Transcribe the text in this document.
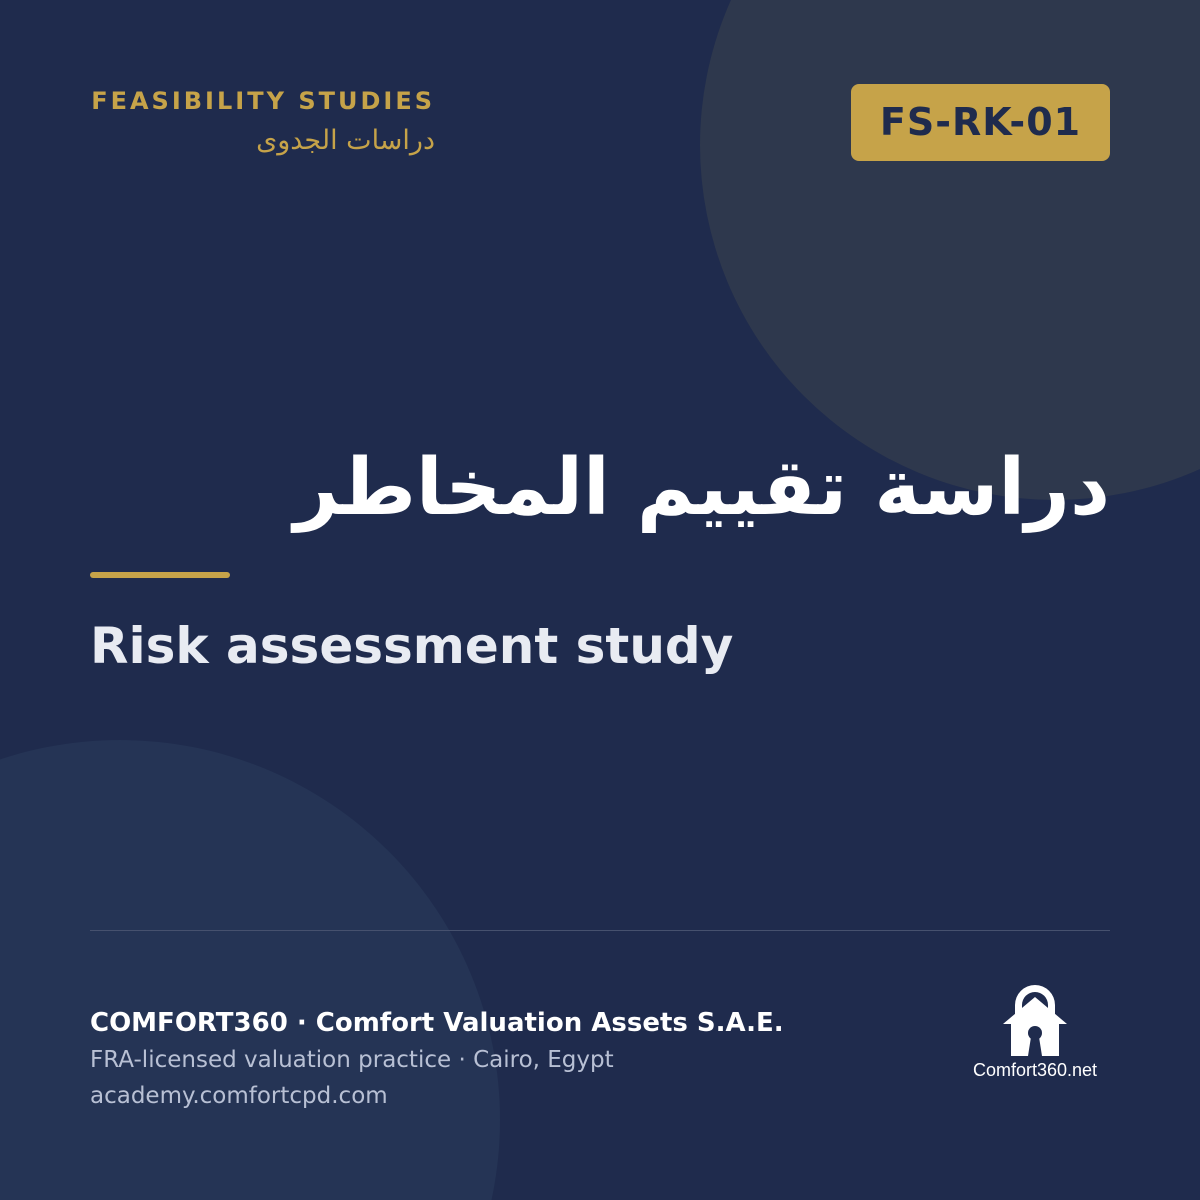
FEASIBILITY STUDIES
دراسات الجدوى	FS-RK-01
دراسة تقييم المخاطر
Risk assessment study
COMFORT360 · Comfort Valuation Assets S.A.E.
FRA-licensed valuation practice · Cairo, Egypt
academy.comfortcpd.com
Comfort360.net
